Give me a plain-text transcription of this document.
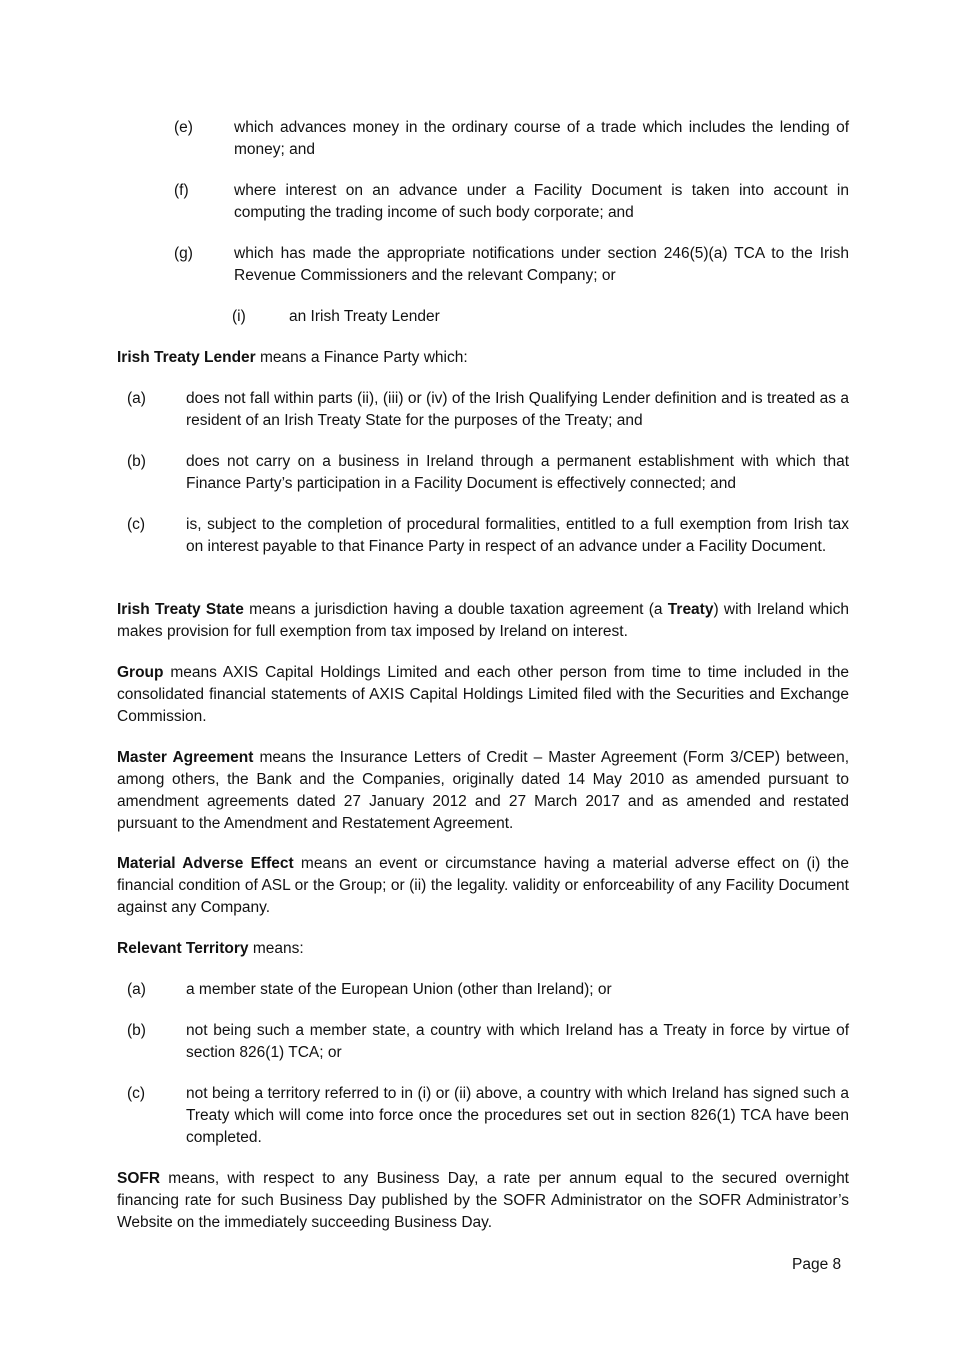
(e)	which advances money in the ordinary course of a trade which includes the lending of money; and
(f)	where interest on an advance under a Facility Document is taken into account in computing the trading income of such body corporate; and
(g)	which has made the appropriate notifications under section 246(5)(a) TCA to the Irish Revenue Commissioners and the relevant Company; or
(i)	an Irish Treaty Lender
Irish Treaty Lender means a Finance Party which:
(a)	does not fall within parts (ii), (iii) or (iv) of the Irish Qualifying Lender definition and is treated as a resident of an Irish Treaty State for the purposes of the Treaty; and
(b)	does not carry on a business in Ireland through a permanent establishment with which that Finance Party’s participation in a Facility Document is effectively connected; and
(c)	is, subject to the completion of procedural formalities, entitled to a full exemption from Irish tax on interest payable to that Finance Party in respect of an advance under a Facility Document.
Irish Treaty State means a jurisdiction having a double taxation agreement (a Treaty) with Ireland which makes provision for full exemption from tax imposed by Ireland on interest.
Group means AXIS Capital Holdings Limited and each other person from time to time included in the consolidated financial statements of AXIS Capital Holdings Limited filed with the Securities and Exchange Commission.
Master Agreement means the Insurance Letters of Credit – Master Agreement (Form 3/CEP) between, among others, the Bank and the Companies, originally dated 14 May 2010 as amended pursuant to amendment agreements dated 27 January 2012 and 27 March 2017 and as amended and restated pursuant to the Amendment and Restatement Agreement.
Material Adverse Effect means an event or circumstance having a material adverse effect on (i) the financial condition of ASL or the Group; or (ii) the legality. validity or enforceability of any Facility Document against any Company.
Relevant Territory means:
(a)	a member state of the European Union (other than Ireland); or
(b)	not being such a member state, a country with which Ireland has a Treaty in force by virtue of section 826(1) TCA; or
(c)	not being a territory referred to in (i) or (ii) above, a country with which Ireland has signed such a Treaty which will come into force once the procedures set out in section 826(1) TCA have been completed.
SOFR means, with respect to any Business Day, a rate per annum equal to the secured overnight financing rate for such Business Day published by the SOFR Administrator on the SOFR Administrator’s Website on the immediately succeeding Business Day.
Page 8
